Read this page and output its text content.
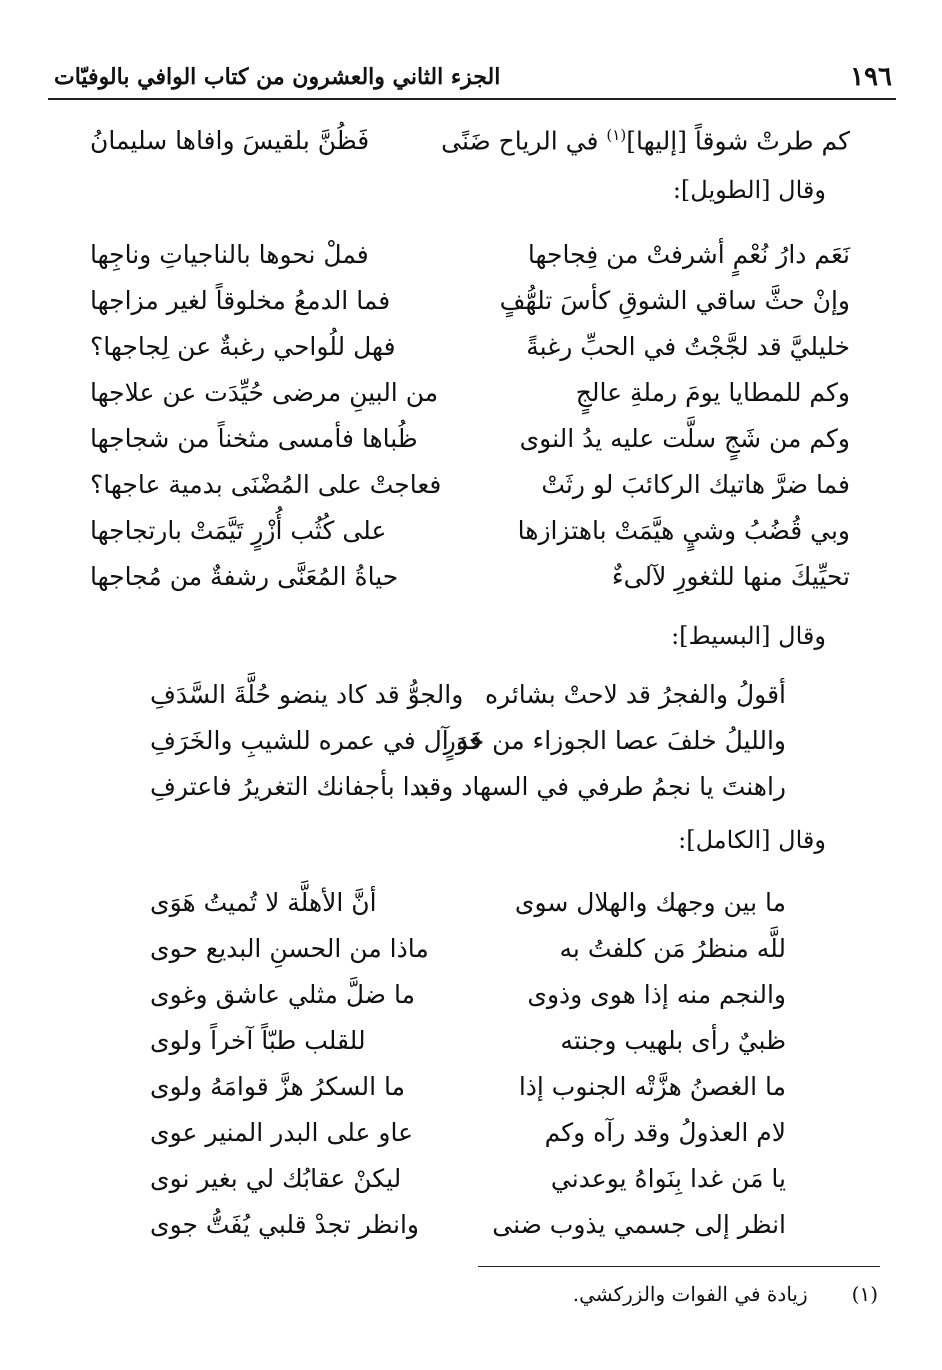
١٩٦
الجزء الثاني والعشرون من كتاب الوافي بالوفيّات
كم طرتْ شوقاً [إليها]$^{(١)}$ في الرياح ضَنًى
فَظُنَّ بلقيسَ وافاها سليمانُ
وقال [الطويل]:
نَعَم دارُ نُعْمٍ أشرفتْ من فِجاجها
فملْ نحوها بالناجياتِ وناجِها
وإنْ حثَّ ساقي الشوقِ كأسَ تلهُّفٍ
فما الدمعُ مخلوقاً لغير مزاجها
خليليَّ قد لجَّجْتُ في الحبِّ رغبةً
فهل للُواحي رغبةٌ عن لِجاجها؟
وكم للمطايا يومَ رملةِ عالجٍ
من البينِ مرضى حُيِّدَت عن علاجها
وكم من شَجٍ سلَّت عليه يدُ النوى
ظُباها فأمسى مثخناً من شجاجها
فما ضرَّ هاتيك الركائبَ لو رثَتْ
فعاجتْ على المُضْنَى بدمية عاجها؟
وبي قُضُبُ وشيٍ هيَّمَتْ باهتزازها
على كُثُب أُزْرٍ تَيَّمَتْ بارتجاجها
تحيِّيكَ منها للثغورِ لآلىءٌ
حياةُ المُعَنَّى رشفةٌ من مُجاجها
وقال [البسيط]:
أقولُ والفجرُ قد لاحتْ بشائره
والجوُّ قد كاد ينضو حُلَّةَ السَّدَفِ
والليلُ خلفَ عصا الجوزاء من خَوَرٍ
قد آل في عمره للشيبِ والخَرَفِ
راهنتَ يا نجمُ طرفي في السهاد وقد
بدا بأجفانك التغريرُ فاعترفِ
وقال [الكامل]:
ما بين وجهك والهلال سوى
أنَّ الأهلَّة لا تُميتُ هَوَى
للَّه منظرُ مَن كلفتُ به
ماذا من الحسنِ البديع حوى
والنجم منه إذا هوى وذوى
ما ضلَّ مثلي عاشق وغوى
ظبيٌ رأى بلهيب وجنته
للقلب طبّاً آخراً ولوى
ما الغصنُ هزَّتْه الجنوب إذا
ما السكرُ هزَّ قوامَهُ ولوى
لام العذولُ وقد رآه وكم
عاو على البدر المنير عوى
يا مَن غدا بِنَواهُ يوعدني
ليكنْ عقابُك لي بغير نوى
انظر إلى جسمي يذوب ضنى
وانظر تجدْ قلبي يُفَتُّ جوى
(١) زيادة في الفوات والزركشي.
